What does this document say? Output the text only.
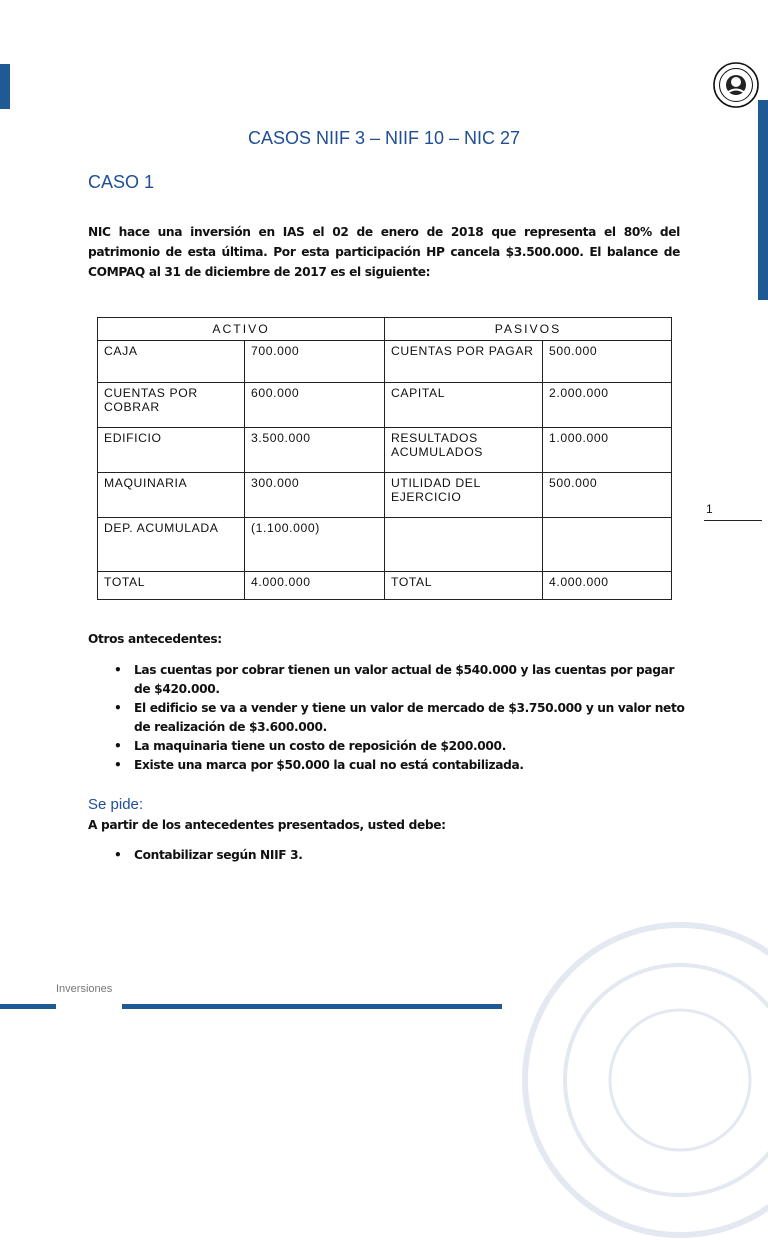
CASOS NIIF 3 – NIIF 10 – NIC 27
CASO 1
NIC hace una inversión en IAS el 02 de enero de 2018 que representa el 80% del patrimonio de esta última. Por esta participación HP cancela $3.500.000. El balance de COMPAQ al 31 de diciembre de 2017 es el siguiente:
ACTIVO		PASIVOS	
CAJA	700.000	CUENTAS POR PAGAR	500.000
CUENTAS POR COBRAR	600.000	CAPITAL	2.000.000
EDIFICIO	3.500.000	RESULTADOS ACUMULADOS	1.000.000
MAQUINARIA	300.000	UTILIDAD DEL EJERCICIO	500.000
DEP. ACUMULADA	(1.100.000)		
TOTAL	4.000.000	TOTAL	4.000.000
Otros antecedentes:
• Las cuentas por cobrar tienen un valor actual de $540.000 y las cuentas por pagar de $420.000.
• El edificio se va a vender y tiene un valor de mercado de $3.750.000 y un valor neto de realización de $3.600.000.
• La maquinaria tiene un costo de reposición de $200.000.
• Existe una marca por $50.000 la cual no está contabilizada.
Se pide:
A partir de los antecedentes presentados, usted debe:
• Contabilizar según NIIF 3.
1
Inversiones
